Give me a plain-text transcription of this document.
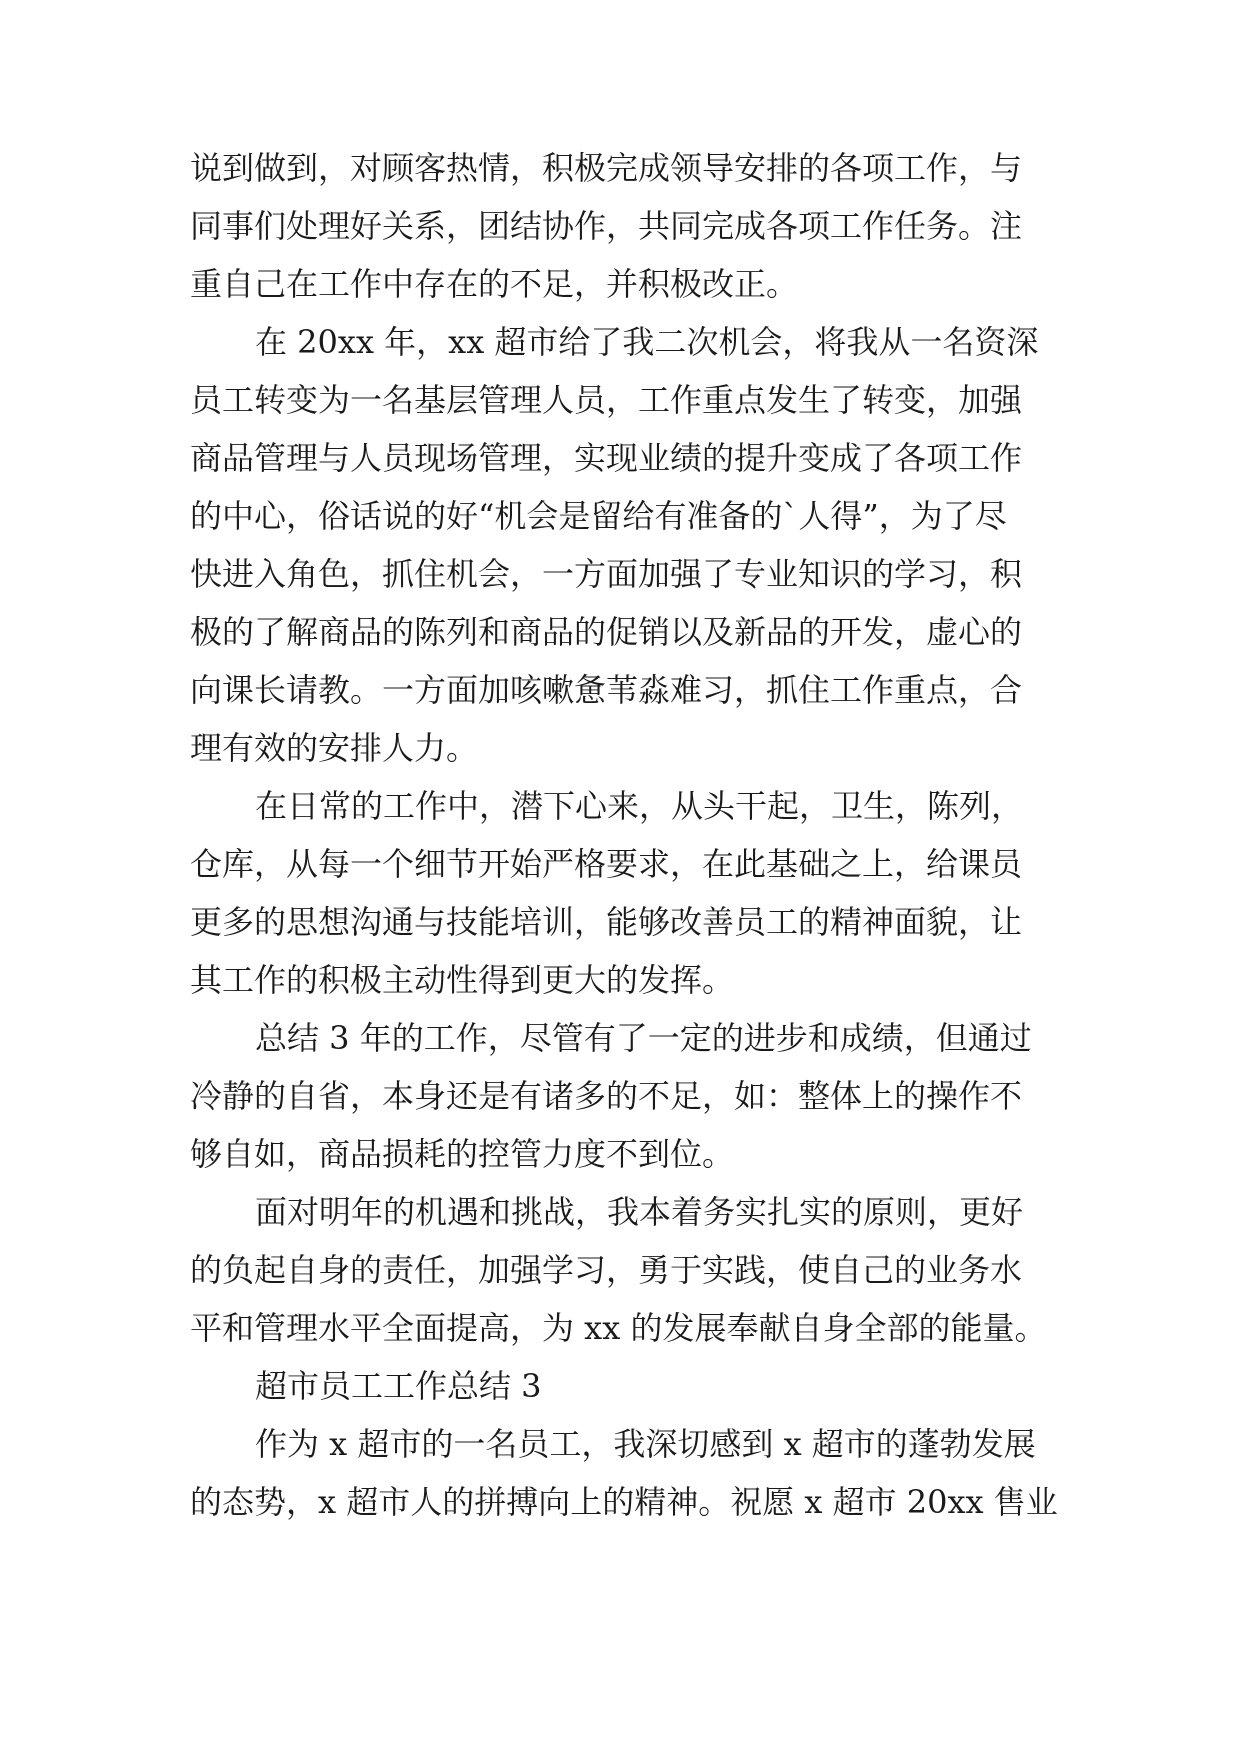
说到做到，对顾客热情，积极完成领导安排的各项工作，与
同事们处理好关系，团结协作，共同完成各项工作任务。注
重自己在工作中存在的不足，并积极改正。
在 20xx 年，xx 超市给了我二次机会，将我从一名资深
员工转变为一名基层管理人员，工作重点发生了转变，加强
商品管理与人员现场管理，实现业绩的提升变成了各项工作
的中心，俗话说的好“机会是留给有准备的`人得”，为了尽
快进入角色，抓住机会，一方面加强了专业知识的学习，积
极的了解商品的陈列和商品的促销以及新品的开发，虚心的
向课长请教。一方面加咳嗽惫苇淼难习，抓住工作重点，合
理有效的安排人力。
在日常的工作中，潜下心来，从头干起，卫生，陈列，
仓库，从每一个细节开始严格要求，在此基础之上，给课员
更多的思想沟通与技能培训，能够改善员工的精神面貌，让
其工作的积极主动性得到更大的发挥。
总结 3 年的工作，尽管有了一定的进步和成绩，但通过
冷静的自省，本身还是有诸多的不足，如：整体上的操作不
够自如，商品损耗的控管力度不到位。
面对明年的机遇和挑战，我本着务实扎实的原则，更好
的负起自身的责任，加强学习，勇于实践，使自己的业务水
平和管理水平全面提高，为 xx 的发展奉献自身全部的能量。
超市员工工作总结 3
作为 x 超市的一名员工，我深切感到 x 超市的蓬勃发展
的态势，x 超市人的拼搏向上的精神。祝愿 x 超市 20xx 售业
